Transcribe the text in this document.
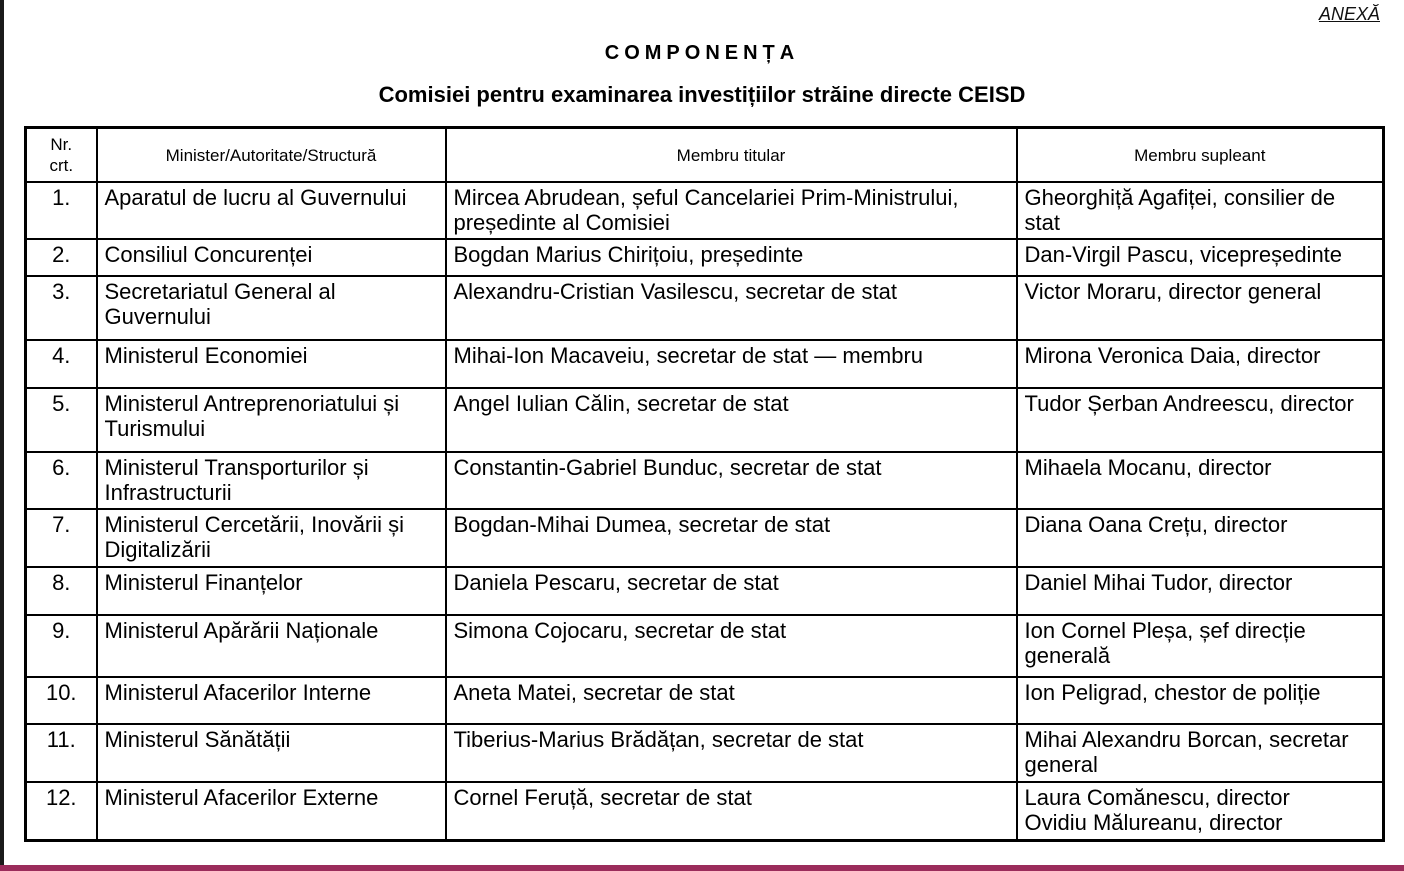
ANEXĂ
COMPONENȚA
Comisiei pentru examinarea investițiilor străine directe CEISD
Nr.
crt.	Minister/Autoritate/Structură	Membru titular	Membru supleant
1.	Aparatul de lucru al Guvernului	Mircea Abrudean, șeful Cancelariei Prim-Ministrului, președinte al Comisiei	Gheorghiță Agafiței, consilier de stat
2.	Consiliul Concurenței	Bogdan Marius Chirițoiu, președinte	Dan-Virgil Pascu, vicepreședinte
3.	Secretariatul General al Guvernului	Alexandru-Cristian Vasilescu, secretar de stat	Victor Moraru, director general
4.	Ministerul Economiei	Mihai-Ion Macaveiu, secretar de stat — membru	Mirona Veronica Daia, director
5.	Ministerul Antreprenoriatului și Turismului	Angel Iulian Călin, secretar de stat	Tudor Șerban Andreescu, director
6.	Ministerul Transporturilor și Infrastructurii	Constantin-Gabriel Bunduc, secretar de stat	Mihaela Mocanu, director
7.	Ministerul Cercetării, Inovării și Digitalizării	Bogdan-Mihai Dumea, secretar de stat	Diana Oana Crețu, director
8.	Ministerul Finanțelor	Daniela Pescaru, secretar de stat	Daniel Mihai Tudor, director
9.	Ministerul Apărării Naționale	Simona Cojocaru, secretar de stat	Ion Cornel Pleșa, șef direcție generală
10.	Ministerul Afacerilor Interne	Aneta Matei, secretar de stat	Ion Peligrad, chestor de poliție
11.	Ministerul Sănătății	Tiberius-Marius Brădățan, secretar de stat	Mihai Alexandru Borcan, secretar general
12.	Ministerul Afacerilor Externe	Cornel Feruță, secretar de stat	Laura Comănescu, director
Ovidiu Mălureanu, director
